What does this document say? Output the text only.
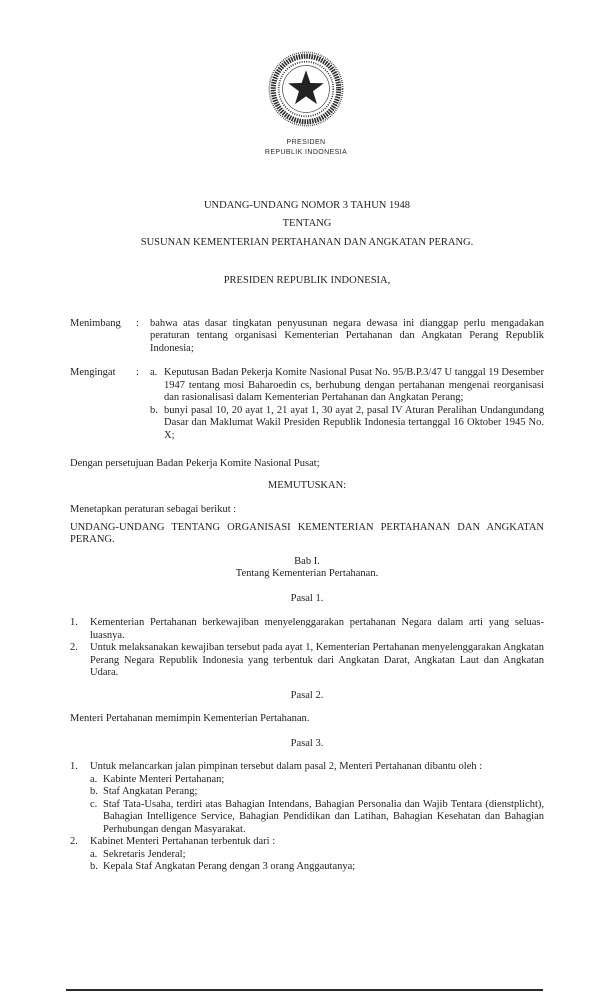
PRESIDEN
REPUBLIK INDONESIA
UNDANG-UNDANG NOMOR 3 TAHUN 1948
TENTANG
SUSUNAN KEMENTERIAN PERTAHANAN DAN ANGKATAN PERANG.
PRESIDEN REPUBLIK INDONESIA,
Menimbang	:	bahwa atas dasar tingkatan penyusunan negara dewasa ini dianggap perlu mengadakan peraturan tentang organisasi Kementerian Pertahanan dan Angkatan Perang Republik Indonesia;
Mengingat	:	a. Keputusan Badan Pekerja Komite Nasional Pusat No. 95/B.P.3/47 U tanggal 19 Desember 1947 tentang mosi Baharoedin cs, berhubung dengan pertahanan mengenai reorganisasi dan rasionalisasi dalam Kementerian Pertahanan dan Angkatan Perang;
b. bunyi pasal 10, 20 ayat 1, 21 ayat 1, 30 ayat 2, pasal IV Aturan Peralihan Undangundang Dasar dan Maklumat Wakil Presiden Republik Indonesia tertanggal 16 Oktober 1945 No. X;
Dengan persetujuan Badan Pekerja Komite Nasional Pusat;
MEMUTUSKAN:
Menetapkan peraturan sebagai berikut :
UNDANG-UNDANG TENTANG ORGANISASI KEMENTERIAN PERTAHANAN DAN ANGKATAN PERANG.
Bab I.
Tentang Kementerian Pertahanan.
Pasal 1.
1.	Kementerian Pertahanan berkewajiban menyelenggarakan pertahanan Negara dalam arti yang seluas-luasnya.
2.	Untuk melaksanakan kewajiban tersebut pada ayat 1, Kementerian Pertahanan menyelenggarakan Angkatan Perang Negara Republik Indonesia yang terbentuk dari Angkatan Darat, Angkatan Laut dan Angkatan Udara.
Pasal 2.
Menteri Pertahanan memimpin Kementerian Pertahanan.
Pasal 3.
1.	Untuk melancarkan jalan pimpinan tersebut dalam pasal 2, Menteri Pertahanan dibantu oleh :
a. Kabinte Menteri Pertahanan;
b. Staf Angkatan Perang;
c. Staf Tata-Usaha, terdiri atas Bahagian Intendans, Bahagian Personalia dan Wajib Tentara (dienstplicht), Bahagian Intelligence Service, Bahagian Pendidikan dan Latihan, Bahagian Kesehatan dan Bahagian Perhubungan dengan Masyarakat.
2.	Kabinet Menteri Pertahanan terbentuk dari :
a. Sekretaris Jenderal;
b. Kepala Staf Angkatan Perang dengan 3 orang Anggautanya;
